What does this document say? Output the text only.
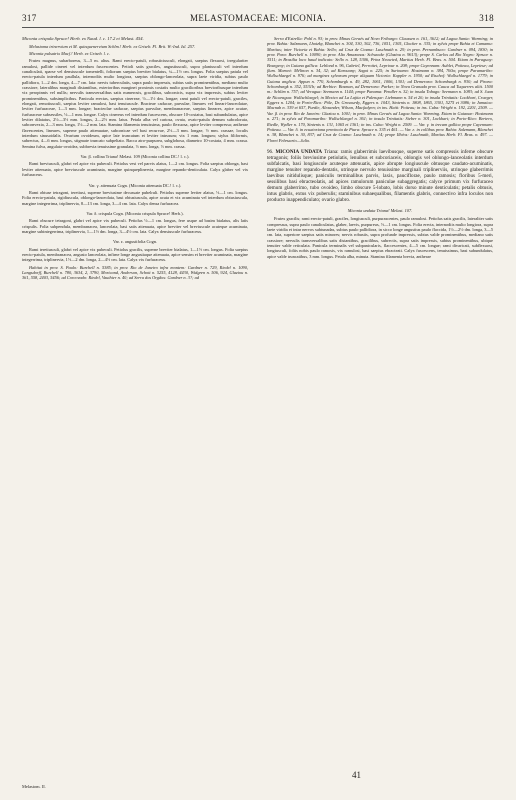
317	MELASTOMACEAE: MICONIA.	318

Miconia crispula Spruce! Herb. ex Naud. l. c. 17.2 et Melast. 454.

Melastoma trinervium et M. quinquenervium Schlm.! Herb. ex Griseb. Fl. Brit. W.-Ind. Isl. 257.

Miconia pulsatrix Macf.! Herb. ex Griseb. l. c.

Frutex magnus, subarboreus, 3—5 m. altus. Rami erecto-patuli, robusticiusculi, elongati, saepius flexuosi, irregulariter ramulosi, pallide cinerei vel interdum fuscescentes. Petioli satis graciles, angustiusculi, supra planiusculi vel interdum canaliculati, sparse vel densiuscule tomentelli, foliorum saepius breviter bialatus, ¼—1½ cm. longus. Folia saepius patula vel erecto-patula interdum paullula, internodiis multo longiora, saepius oblongo-lanceolata, supra laete viridia, subtus paulo pallidiora, 1—2 dm. longa, 4—7 cm. lata: nervis tuberculatis, supra paulo impressis, subtus satis prominentibus, mediano multo crassiore, lateralibus marginali distantibus, exterioribus marginei proximis costatis multo gracilioribus brevioribusque interdum vix peropinnis vel nullis; nervulis transversalibus satis numerosis, gracilibus, subconicis, supra vix impressis, subtus leviter prominentibus, subsimplicibus. Panicula erectas, saepius cinereae, ½—1½ dm. longae; rami patuli vel erecto-patuli, graciles, elongati, remotiusculi, saepius leviter ramulosi, basi tenuiuscule. Bracteae caducae, parvulae, lineares vel lineari-lanceolatae, leviter furfuraceae, 1—3 mm. longae; bracteolae caducae, saepius parvulae, membranaceae, saepius lineares, apice acutae, furfuraceae subsessiles, ½—1 mm. longae. Calyx cinereus vel interdum fuscescens, obscure 10-costatus, basi subundulatus, apice leviter dilatatus, 2½—3½ mm. longus, 2—2½ mm. latus. Petala alba vel cariosa, ovata, ovato-patula demum subcolorata, subconvexia, 2—3 mm. longa, 1½—2 mm. lata. Stamina filamenta tenuissima, paulo flexuosa, apice leviter compressa; antherae flavescentes, lineares, superne paulo attenuatae, subconicae vel basi recurvae, 2½—3 mm. longae, ½ mm. crassae, loculis interdum sinusoidalis. Ovarium ovoideum, apice late truncatum et leviter intrusum; vix 1 mm. longum; stylus filiformis, subrectus, 4—6 mm. longus, stigmate truncato subpeltato. Bacca atro-purpurea, subglobosa, diametro 10-costata, 4 mm. crassa. Semina fulva, angulato-ovoidea, subbrevia tenuissime granulata, ⅓ mm. longa, ⅓ mm. crassa.

Var. β. collina Triana! Melast. 109 (Miconia collina DC.! l. c.).

Rami breviusculi, glabri vel apice vix pubeculi. Petiolus vesi vel parvis alatus, 1—2 cm. longus. Folia saepius oblonga, basi leviter attenuata, apice breviuscule acuminata, margine quinqueplinervia, margine repando-denticulata. Calyx glaber vel vix furfuraceus.

Var. γ. attenuata Cogn. (Miconia attenuata DC.! l. c.).

Rami obtuse tetragoni, teretiusi, superne breviusime decussate pubelruli. Petiolus superne leviter alatus, ½—1 cm. longus. Folia erecto-patula, rigidiuscula, oblongo-lanceolata, basi obtusiuscula, apice acuta et vix acuminata vel interdum obtusiuscula, margine integerrima, triplinervia, 8—13 cm. longa, 3—4 cm. lata. Calyx densa furfuracea.

Var. δ. crispula Cogn. (Miconia crispula Spruce! Herb.).

Rami obscure tetragoni, glabri vel apice vix pubeculi. Petiolus ½—1 cm. longus, fere usque ad basim bialatus, alis latis crispulis. Folia subpendula, membranacea, lanceolata, basi satis attenuata, apice breviter vel breviuscule acuteque acuminata, margine subintegerrima, triplinervia, 1—1½ dm. longa, 3—4½ cm. lata. Calyx densiuscule furfuraceus.

Var. ε. angustifolia Cogn.

Rami teretiusculi, glabri vel apice vix pubeculi. Petiolus gracilis, superne breviter bialatus, 1—1½ cm. longus. Folia saepius erecto-patula, membranacea, angusto lanceolata, infirne longe angustiaque attenuata, apice sensim et breviter acuminata, margine integerrima, triplinervia, 1½—2 dm. longa, 2—4½ cm. lata. Calyx vix furfuraceus.

Habitat in prov. S. Paulo: Burchell n. 5385; in prov. Rio de Janeiro infra montem: Gardner n. 729, Riedel n. 1090, Langsdorff, Burchell n. 780, 3634, 2, 3790, Moricand, Anderson, Schott n. 5255, 4128, 4430, Widgren n. 506, 924, Glaziou n. 361, 558, 2403, 5456; ad Corcovado: Riedel, Vauthier n. 40; ad Serra dos Orgãos: Gardner n. 3?; ad

Melastom. II.

Serra d'Estrella: Pohl n. 93; in prov. Minas Geraës ad Novo Friburgo: Claussen n. 161, 3612; ad Lagoa Santa: Warming; in prov. Bahia: Salzmann, Lhotzky, Blanchet n. 304, 330, 302, 736, 1051, 1305, Glocker n. 335; in sylvis prope Bahia et Camamu: Martius; inter Victoria et Bahia: Sello; ad Cruz de Cosma: Luschnath n. 29; in prov. Pernambuco: Gardner n. 094, 1830; in prov. Para: Burchell n. 10090; in prov. Alto Amazonas: Schwacke (Glaziou n. 9613); prope S. Carlos ad Rio Negro: Spruce n. 3511; in Brasilia loco haud indicato: Sello n. 128, 5306, Prinz Neuwied, Martius Herb. Fl. Bras. n. 504. Etiam in Paraguay: Bourgeoy; in Guiana gallica: Leblond n. 96, Gabriel, Perrottet, Lepriour n. 208; prope Cayennam: Aublet, Poiteau, Leprieur; ad flum. Maroni: Mélinon n. 34, 32; ad Karouany; Sagot n. 225; in Surinamo: Hostmann n. 384, 760a; prope Paramaribo: Wullschlaegel n. 976; ad margines sylvarum prope aliquam Victoria: Kappler n. 1950; ad Rischof: Wullschlaegel n. 1779; in Guiana anglica: Appun n. 770, Schomburgk n. 49, 282, 1061, 1006, 1301; ad Demerara: Schomburgk n. 930; ad Pirara: Schomburgk n. 352, 5531b; ad Berbice: Bosman, ad Demerara: Parker; in Nova Granada prov. Cauca ad Tuquerres altit. 1500 m.: Schlim n. 757; ad Veragua: Seemann n. 1144; prope Panama: Pendler n. 32; in insula Tobago: Seemann n. 1083; ad S. Juan de Nicaragua: Wullschlaegel; in Mexico ad La Lajita et Palenque: Liebmann n. 54 et 26; in insula Trinitatis: Lockhart, Crueger, Eggers n. 1204; in Porto-Rico: Pöle, Dr. Grosourdy, Eggers n. 1043, Sintenis n. 1808, 1865, 3301, 5275 et 3086; in Jamaica: Macnab n. 339 et 657, Purdie, Alexander, Wilson, Macfadyen; in ins. Haiti: Poiteau; in ins. Cuba: Wright n. 192, 2201, 2509. — Var. β. in prov. Rio de Janeiro: Glaziou n. 1001; in prov. Minas Geraës ad Lagoa Santa: Warming. Etiam in Guianae: Hostmann n. 271; in sylvis ad Paramaribo: Wullschlaegel n. 361; in insula Trinitatis: Sieber n. 301, Lockhart; in Porto-Rico: Bertero, Riedle, Wydler n. 170, Sintenis n. 131, 1065 et 1361; in ins. Cuba: Wright n. 2509. — Var. γ. in trecam gallica prope Cayennam: Poiteau. — Var. δ. in ecuatoriana provincia de Piura: Spruce n. 335 et 461. — Var. ε. in collibus prov. Bahia: Salzmann, Blanchet n. 38, Blanchet n. 30, 837; ad Cruz de Cosma: Luschnath n. 14; prope Ilhéos: Luschnath, Martius Herb. Fl. Bras. n. 497. — Floret Februario—Julio.

96. MICONIA UNDATA Triana: ramis glaberrimis laevibusque, superne satis compressis inferne obscure tetragonis; foliis breviusime petiolatis, lenuibus et subcoriaceis, oblongis vel oblongo-lanceolatis interdum subfalcatis, basi longiuscule acuteque attenuatis, apice abrupte longiuscule obtusque caudato-acuminatis, margine tenuiter repando-dentatis, utrinque nervulo tenuissime marginali triplinerviis, utrinque glaberrimis laevibus nitidulisque; paniculis terminalibus parvis, laxis, pauciflorae, paulo ramosis; floribus 5-meri, sessilibus basi ebracteolatis, ad apices ramulorum paniculae subaggregatis; calyce primum vix furfuraceo demum glaberrimo, tubo ovoideo, limbo obscure 5-lobato, lobis dorso minute denticulatis; petalis obtusis, intus glabris, extus vix puberulis; staminibus subaequalibus, filamentis glabris, connectivo infra loculos non producto inappendiculato; ovario glabro.

Miconia undata Triana! Melast. 107.

Frutex gracilis; rami erecto-patuli, graciles, longiusculi, purpurascentes, paulo ramulosi. Petiolus satis gracilis, lateraliter satis compressus, supra paulo canaliculatus, glaber, laevis, purpureus, ½—1 cm. longus. Folia erecta, internodiis multo longiora, supra laete viridia et intar nervos subtunadas, subtus paulo pallidiora, in sicco longe angustius paulo flaccida, 1½—2½ dm. longa, 3—5 cm. lata, superiore saepius satis minores; nervis robustis, supra profunde impressis, subtus valde prominentibus, mediano satis crassiore; nervulis transversalibus satis distantibus, gracilibus, subrectis, supra satis impressis, subtus prominentibus, ubique tenuiter valde reticulata. Panicula terminalis vel subpanicularis, flaccescentes, 4—5 cm. longae; rami divaricati, subflexuosi, longiusculi, foliis nobis paulo ramosis, vix ramulosi, basi saepius ebracteati. Calyx fuscescens, tenuissimus, basi subundulatus, apice valde truncatibus, 3 mm. longus. Petala alba, minuta. Stamina filamenta brevia, antherae

41
